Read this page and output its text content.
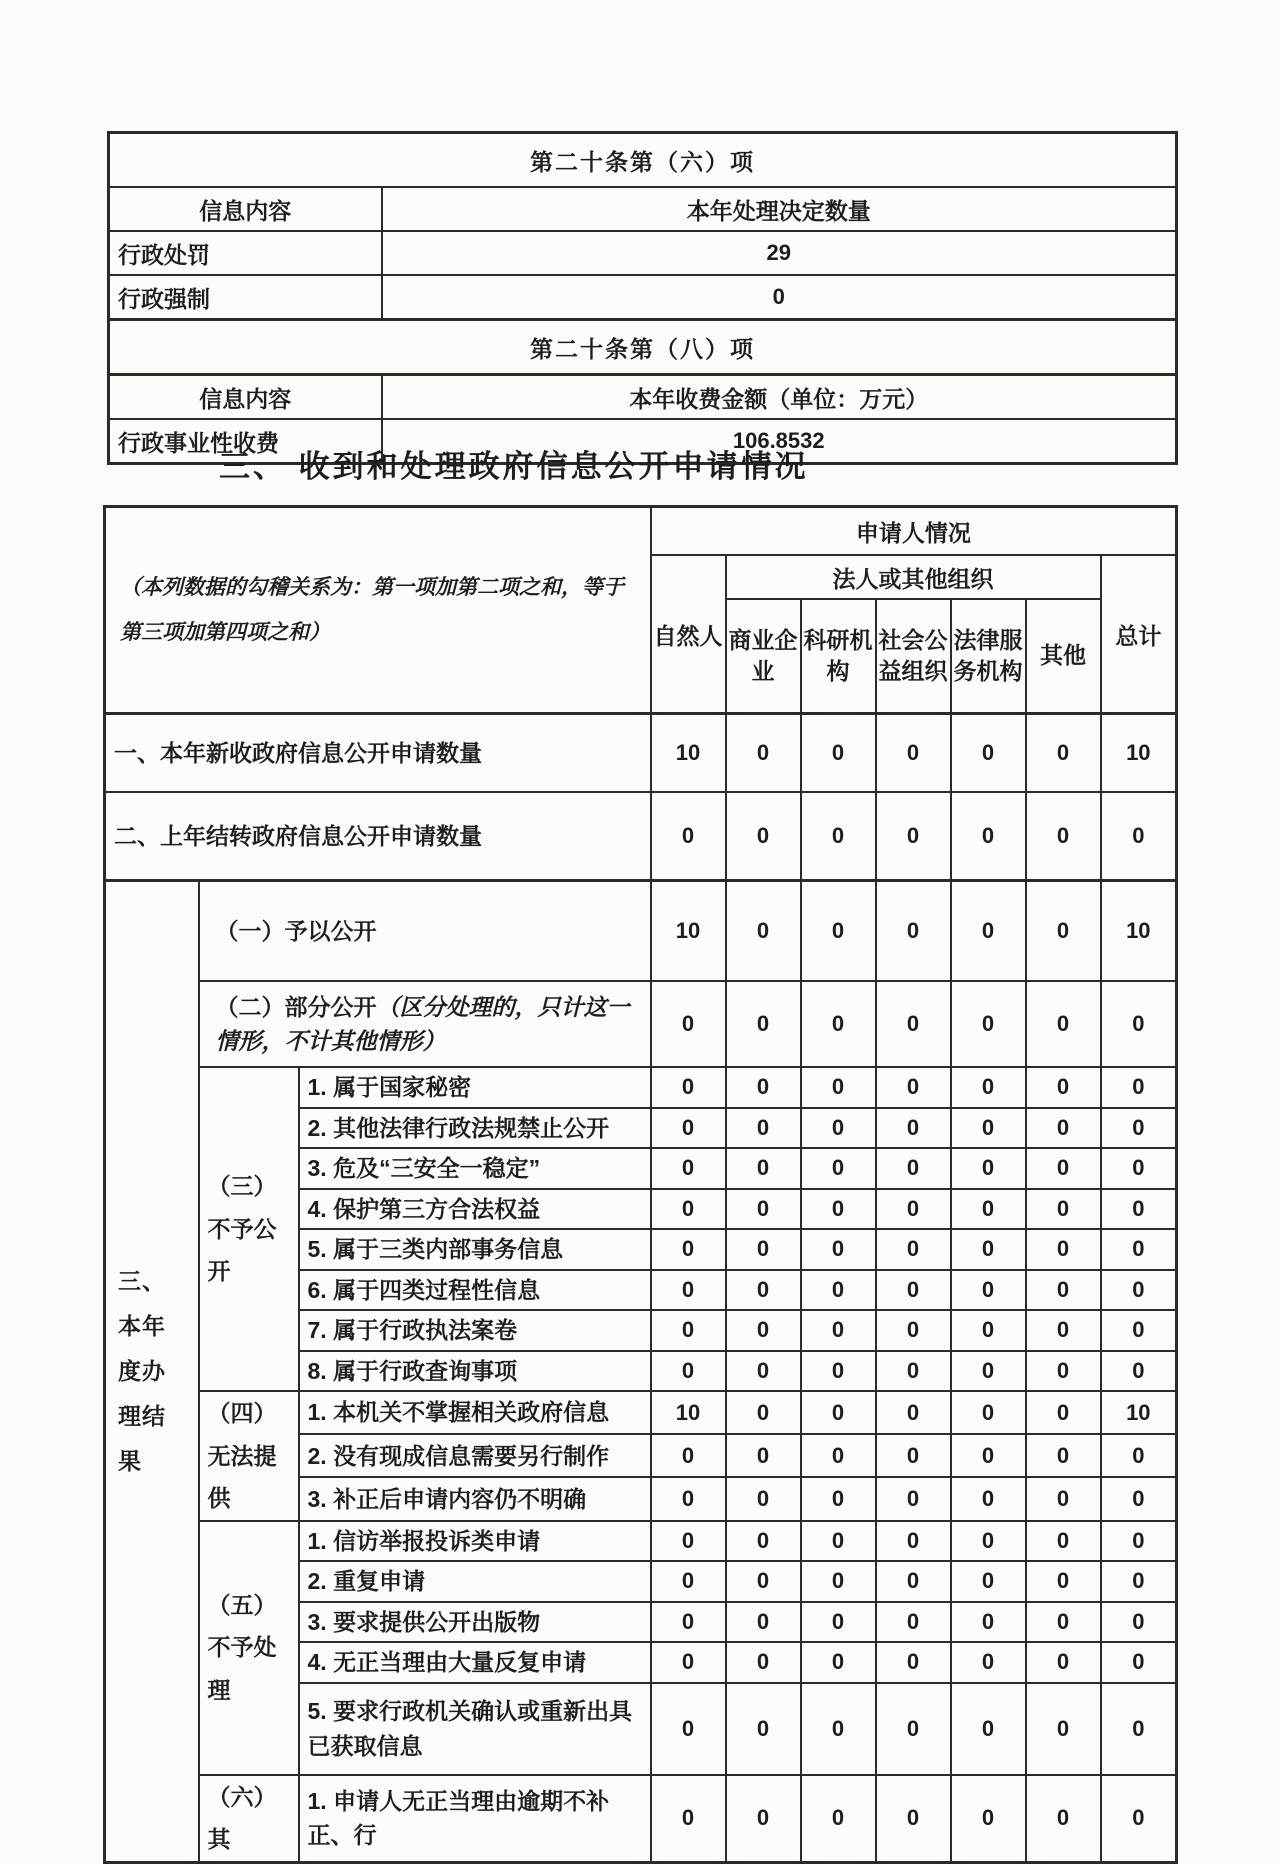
第二十条第（六）项	
信息内容	本年处理决定数量
行政处罚	29
行政强制	0
第二十条第（八）项	
信息内容	本年收费金额（单位：万元）
行政事业性收费	106.8532
三、 收到和处理政府信息公开申请情况
（本列数据的勾稽关系为：第一项加第二项之和，等于第三项加第四项之和）			申请人情况						
			自然人	法人或其他组织					总计
				商业企业	科研机构	社会公益组织	法律服务机构	其他	
一、本年新收政府信息公开申请数量			10	0	0	0	0	0	10
二、上年结转政府信息公开申请数量			0	0	0	0	0	0	0
三、本年度办理结果	（一）予以公开		10	0	0	0	0	0	10
	（二）部分公开（区分处理的，只计这一情形，不计其他情形）		0	0	0	0	0	0	0
	（三）不予公开	1. 属于国家秘密	0	0	0	0	0	0	0
		2. 其他法律行政法规禁止公开	0	0	0	0	0	0	0
		3. 危及“三安全一稳定”	0	0	0	0	0	0	0
		4. 保护第三方合法权益	0	0	0	0	0	0	0
		5. 属于三类内部事务信息	0	0	0	0	0	0	0
		6. 属于四类过程性信息	0	0	0	0	0	0	0
		7. 属于行政执法案卷	0	0	0	0	0	0	0
		8. 属于行政查询事项	0	0	0	0	0	0	0
	（四）无法提供	1. 本机关不掌握相关政府信息	10	0	0	0	0	0	10
		2. 没有现成信息需要另行制作	0	0	0	0	0	0	0
		3. 补正后申请内容仍不明确	0	0	0	0	0	0	0
	（五）不予处理	1. 信访举报投诉类申请	0	0	0	0	0	0	0
		2. 重复申请	0	0	0	0	0	0	0
		3. 要求提供公开出版物	0	0	0	0	0	0	0
		4. 无正当理由大量反复申请	0	0	0	0	0	0	0
		5. 要求行政机关确认或重新出具已获取信息	0	0	0	0	0	0	0
	（六）其	1. 申请人无正当理由逾期不补正、行	0	0	0	0	0	0	0
